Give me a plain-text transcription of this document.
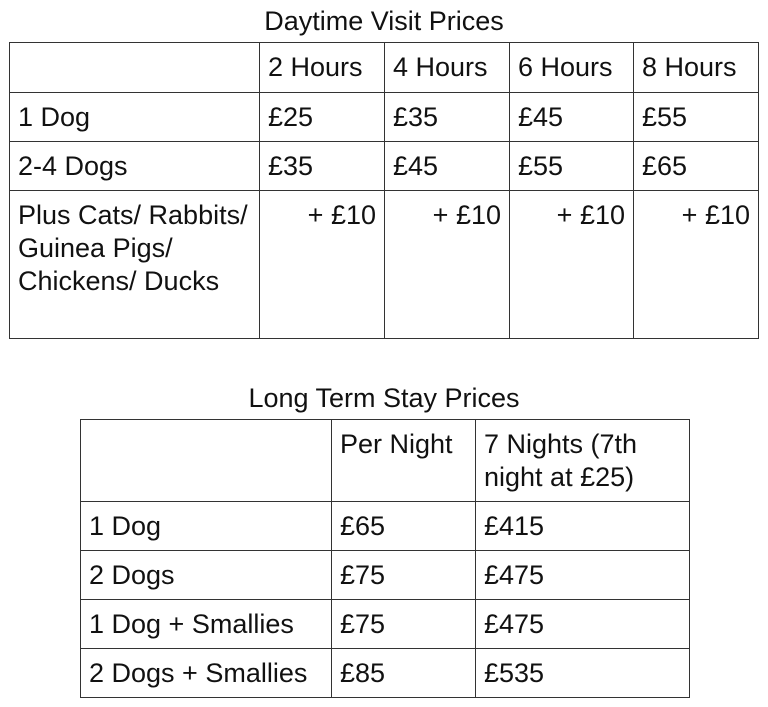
Daytime Visit Prices
	2 Hours	4 Hours	6 Hours	8 Hours
1 Dog	£25	£35	£45	£55
2-4 Dogs	£35	£45	£55	£65
Plus Cats/ Rabbits/ Guinea Pigs/ Chickens/ Ducks	+ £10	+ £10	+ £10	+ £10
Long Term Stay Prices
	Per Night	7 Nights (7th night at £25)
1 Dog	£65	£415
2 Dogs	£75	£475
1 Dog + Smallies	£75	£475
2 Dogs + Smallies	£85	£535
